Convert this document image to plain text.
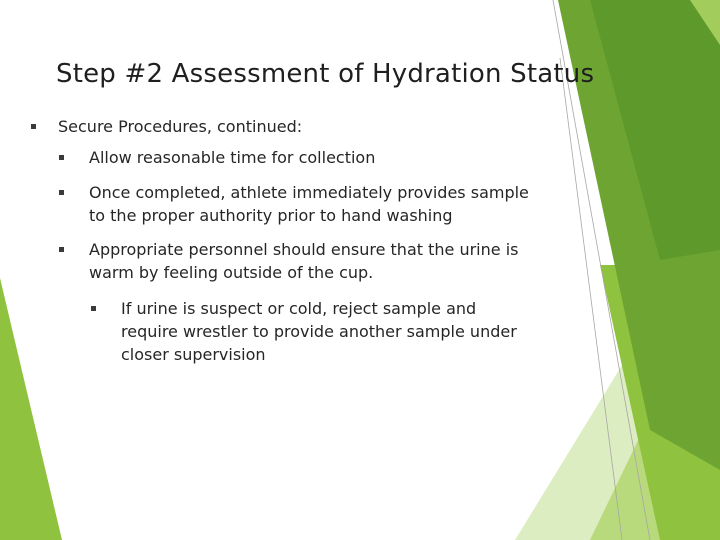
Step #2 Assessment of Hydration Status
Secure Procedures, continued:
Allow reasonable time for collection
Once completed, athlete immediately provides sample
to the proper authority prior to hand washing
Appropriate personnel should ensure that the urine is
warm by feeling outside of the cup.
If urine is suspect or cold, reject sample and
require wrestler to provide another sample under
closer supervision
